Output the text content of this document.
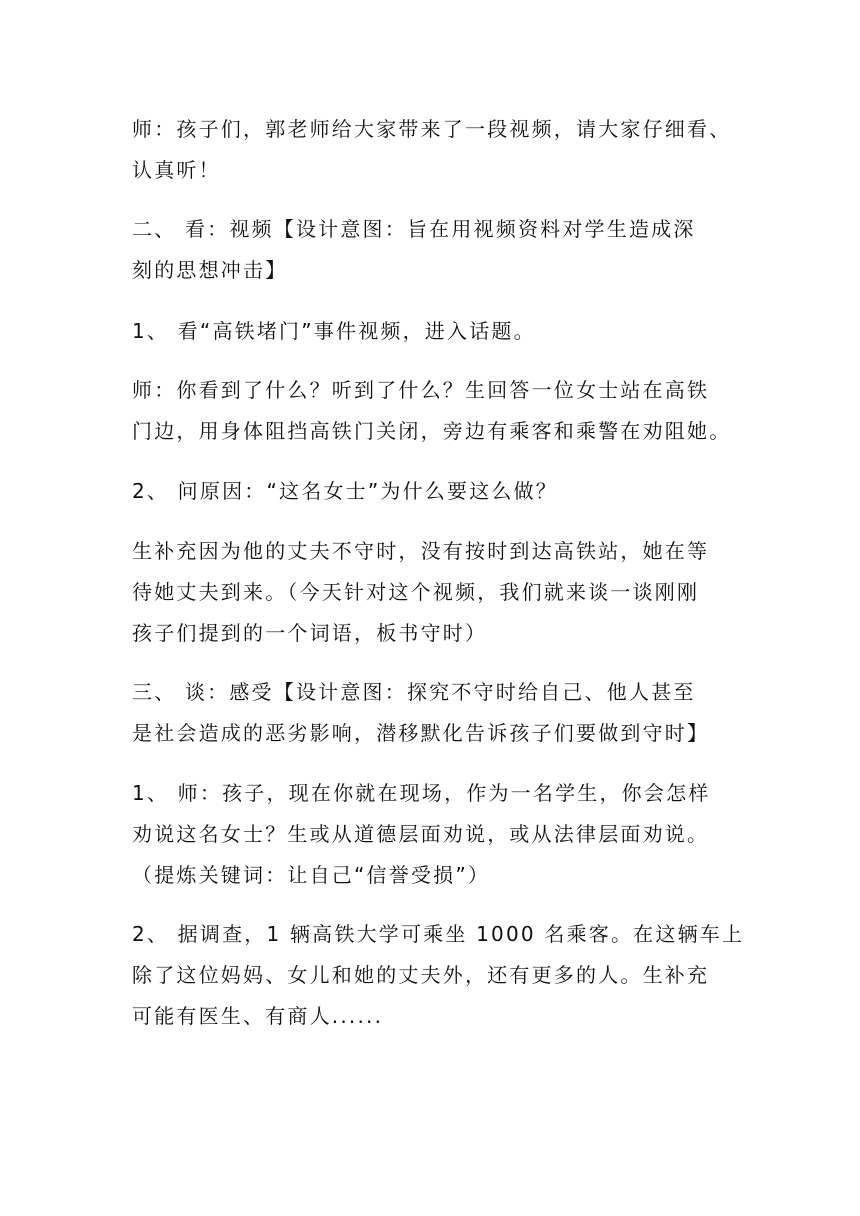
师：孩子们，郭老师给大家带来了一段视频，请大家仔细看、
认真听！

二、 看：视频【设计意图：旨在用视频资料对学生造成深
刻的思想冲击】

1、 看“高铁堵门”事件视频，进入话题。

师：你看到了什么？听到了什么？生回答一位女士站在高铁
门边，用身体阻挡高铁门关闭，旁边有乘客和乘警在劝阻她。

2、 问原因：“这名女士”为什么要这么做？

生补充因为他的丈夫不守时，没有按时到达高铁站，她在等
待她丈夫到来。（今天针对这个视频，我们就来谈一谈刚刚
孩子们提到的一个词语，板书守时）

三、 谈：感受【设计意图：探究不守时给自己、他人甚至
是社会造成的恶劣影响，潜移默化告诉孩子们要做到守时】

1、 师：孩子，现在你就在现场，作为一名学生，你会怎样
劝说这名女士？生或从道德层面劝说，或从法律层面劝说。
（提炼关键词：让自己“信誉受损”）

2、 据调查，1 辆高铁大学可乘坐 1000 名乘客。在这辆车上
除了这位妈妈、女儿和她的丈夫外，还有更多的人。生补充
可能有医生、有商人......
